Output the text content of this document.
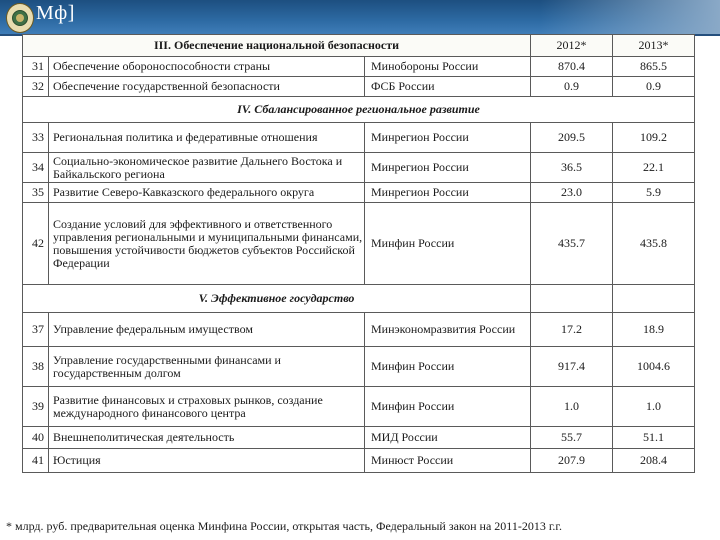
Мф]
III. Обеспечение национальной безопасности			2012*	2013*
31	Обеспечение обороноспособности страны	Минобороны России	870.4	865.5
32	Обеспечение государственной безопасности	ФСБ России	0.9	0.9
IV. Сбалансированное региональное развитие				
33	Региональная политика и федеративные отношения	Минрегион России	209.5	109.2
34	Социально-экономическое развитие Дальнего Востока и Байкальского региона	Минрегион России	36.5	22.1
35	Развитие Северо-Кавказского федерального округа	Минрегион России	23.0	5.9
42	Создание условий для эффективного и ответственного управления региональными и муниципальными финансами, повышения устойчивости бюджетов субъектов Российской Федерации	Минфин России	435.7	435.8
V. Эффективное государство				
37	Управление федеральным имуществом	Минэкономразвития России	17.2	18.9
38	Управление государственными финансами и государственным долгом	Минфин России	917.4	1004.6
39	Развитие финансовых и страховых рынков, создание международного финансового центра	Минфин России	1.0	1.0
40	Внешнеполитическая деятельность	МИД России	55.7	51.1
41	Юстиция	Минюст России	207.9	208.4
* млрд. руб. предварительная оценка Минфина России, открытая часть, Федеральный закон на 2011-2013 г.г.
